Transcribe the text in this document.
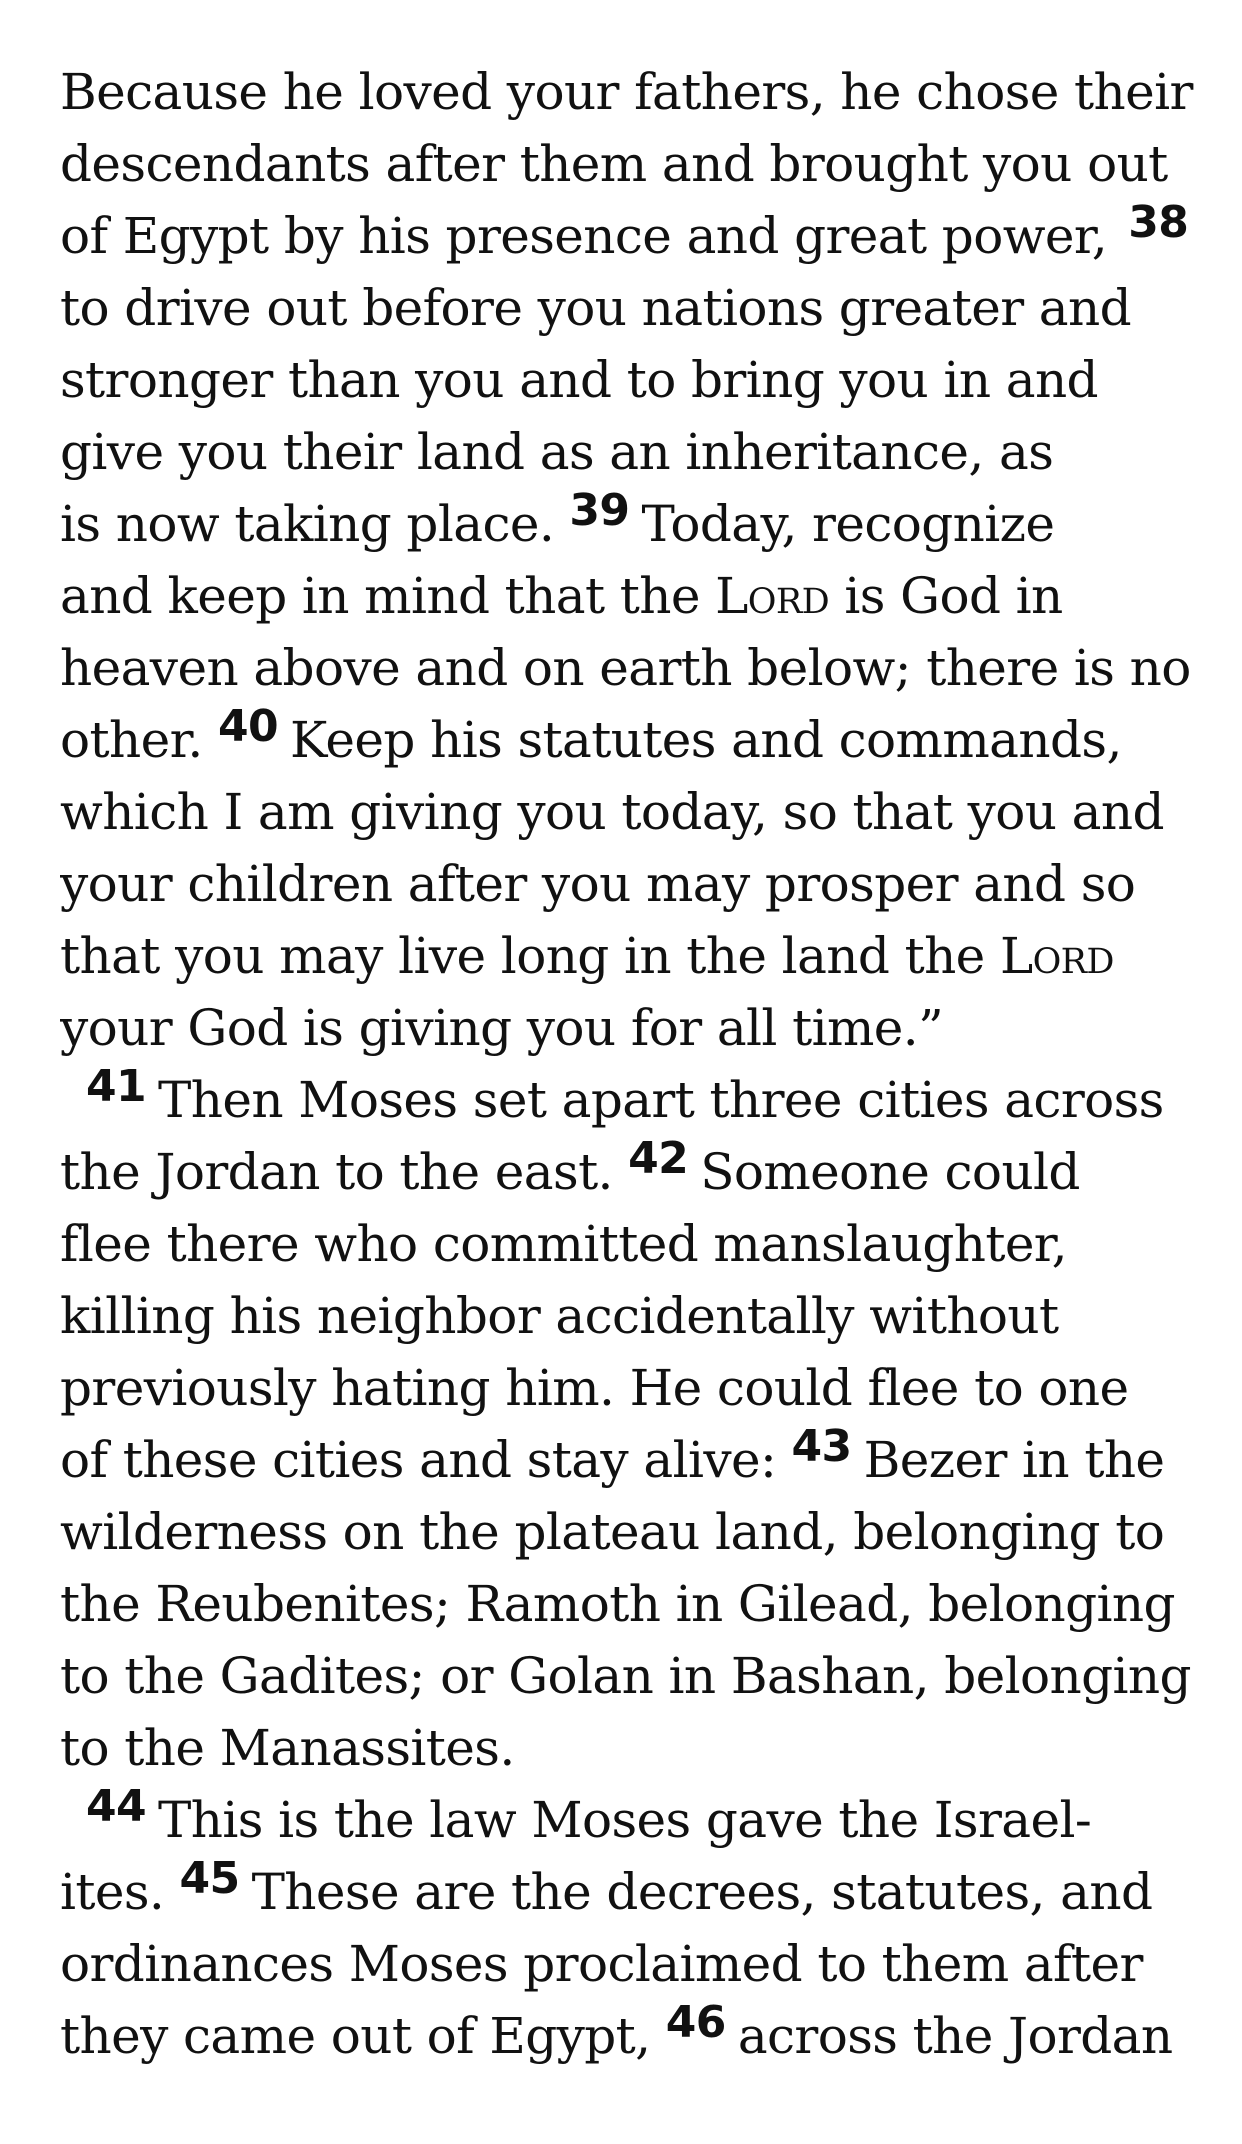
Because he loved your fathers, he chose their
descendants after them and brought you out
of Egypt by his presence and great power, 38
to drive out before you nations greater and
stronger than you and to bring you in and
give you their land as an inheritance, as
is now taking place. 39 Today, recognize
and keep in mind that the Lord is God in
heaven above and on earth below; there is no
other. 40 Keep his statutes and commands,
which I am giving you today, so that you and
your children after you may prosper and so
that you may live long in the land the Lord
your God is giving you for all time.”
41 Then Moses set apart three cities across
the Jordan to the east. 42 Someone could
flee there who committed manslaughter,
killing his neighbor accidentally without
previously hating him. He could flee to one
of these cities and stay alive: 43 Bezer in the
wilderness on the plateau land, belonging to
the Reubenites; Ramoth in Gilead, belonging
to the Gadites; or Golan in Bashan, belonging
to the Manassites.
44 This is the law Moses gave the Israel-
ites. 45 These are the decrees, statutes, and
ordinances Moses proclaimed to them after
they came out of Egypt, 46 across the Jordan
